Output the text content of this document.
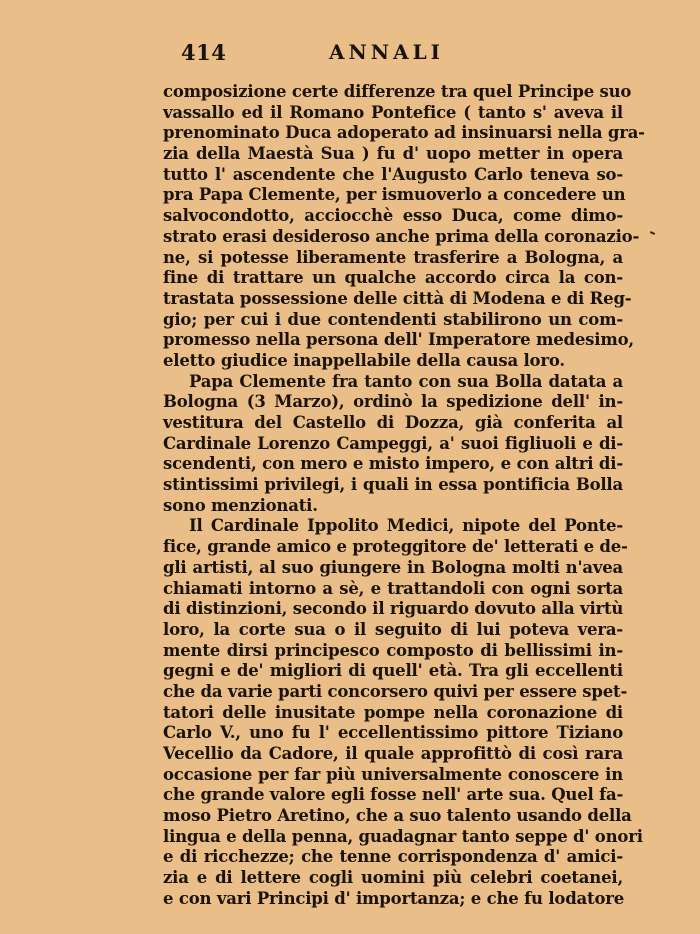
414	ANNALI
composizione certe differenze tra quel Principe suo
vassallo ed il Romano Pontefice ( tanto s' aveva il
prenominato Duca adoperato ad insinuarsi nella gra-
zia della Maestà Sua ) fu d' uopo metter in opera
tutto l' ascendente che l'Augusto Carlo teneva so-
pra Papa Clemente, per ismuoverlo a concedere un
salvocondotto, acciocchè esso Duca, come dimo-
strato erasi desideroso anche prima della coronazio-
ne, si potesse liberamente trasferire a Bologna, a
fine di trattare un qualche accordo circa la con-
trastata possessione delle città di Modena e di Reg-
gio; per cui i due contendenti stabilirono un com-
promesso nella persona dell' Imperatore medesimo,
eletto giudice inappellabile della causa loro.
Papa Clemente fra tanto con sua Bolla datata a
Bologna (3 Marzo), ordinò la spedizione dell' in-
vestitura del Castello di Dozza, già conferita al
Cardinale Lorenzo Campeggi, a' suoi figliuoli e di-
scendenti, con mero e misto impero, e con altri di-
stintissimi privilegi, i quali in essa pontificia Bolla
sono menzionati.
Il Cardinale Ippolito Medici, nipote del Ponte-
fice, grande amico e proteggitore de' letterati e de-
gli artisti, al suo giungere in Bologna molti n'avea
chiamati intorno a sè, e trattandoli con ogni sorta
di distinzioni, secondo il riguardo dovuto alla virtù
loro, la corte sua o il seguito di lui poteva vera-
mente dirsi principesco composto di bellissimi in-
gegni e de' migliori di quell' età. Tra gli eccellenti
che da varie parti concorsero quivi per essere spet-
tatori delle inusitate pompe nella coronazione di
Carlo V., uno fu l' eccellentissimo pittore Tiziano
Vecellio da Cadore, il quale approfittò di così rara
occasione per far più universalmente conoscere in
che grande valore egli fosse nell' arte sua. Quel fa-
moso Pietro Aretino, che a suo talento usando della
lingua e della penna, guadagnar tanto seppe d' onori
e di ricchezze; che tenne corrispondenza d' amici-
zia e di lettere cogli uomini più celebri coetanei,
e con vari Principi d' importanza; e che fu lodatore
